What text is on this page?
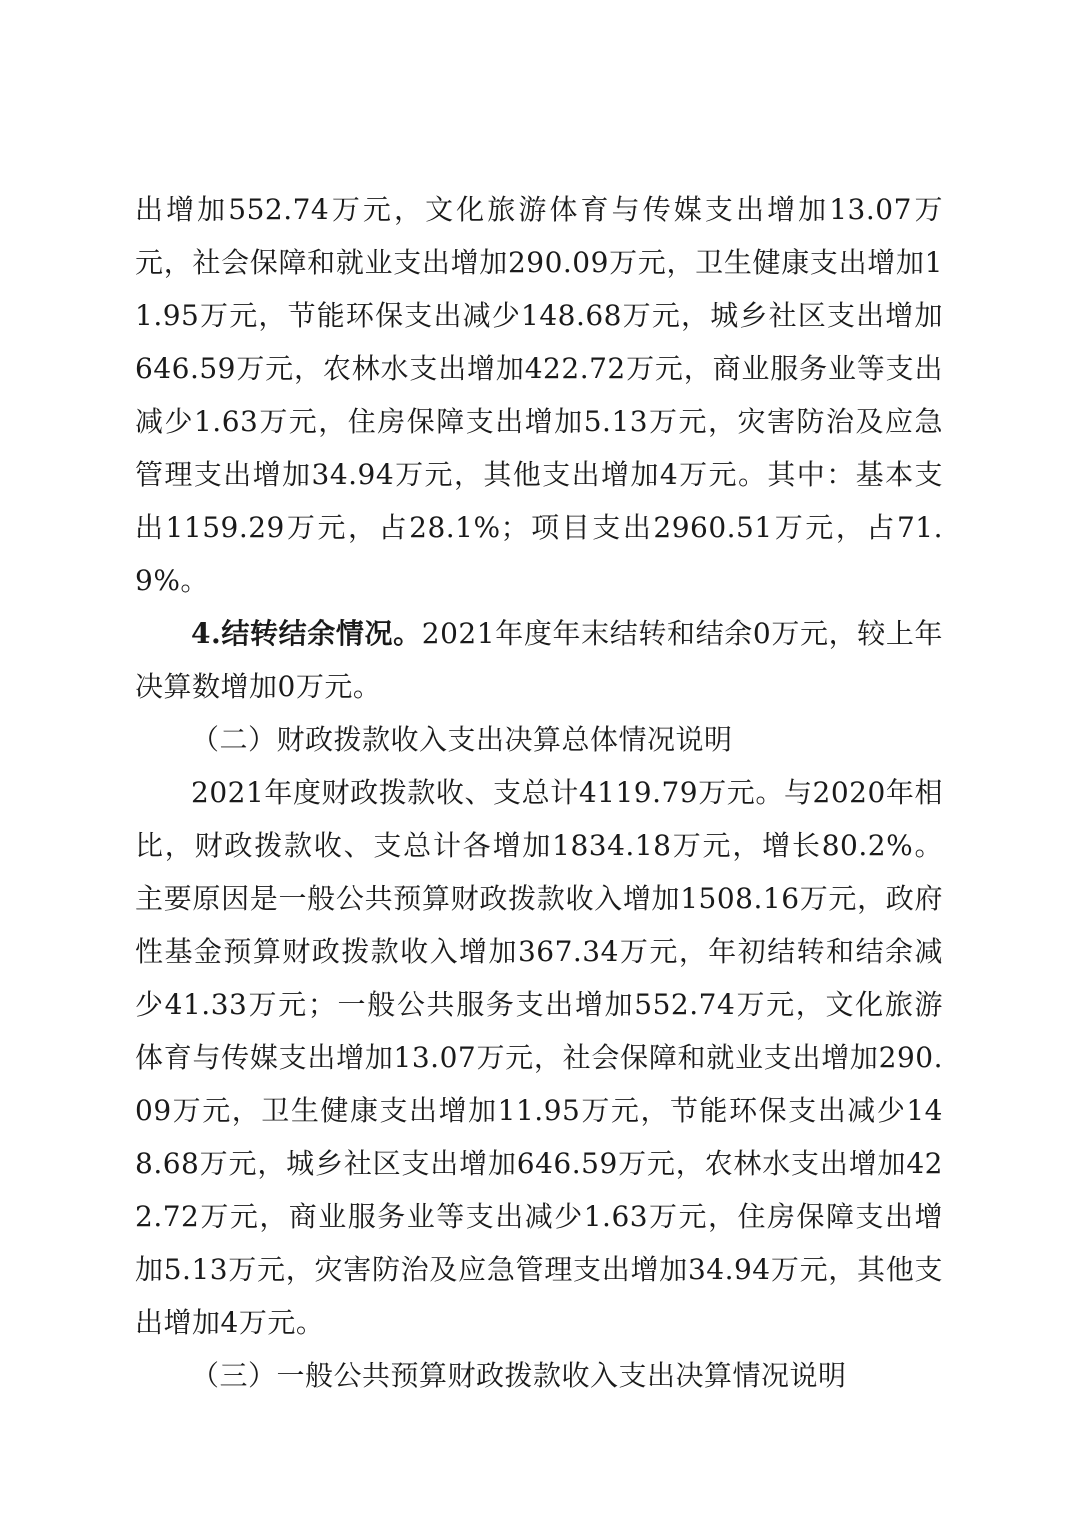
出增加552.74万元，文化旅游体育与传媒支出增加13.07万元，社会保障和就业支出增加290.09万元，卫生健康支出增加11.95万元，节能环保支出减少148.68万元，城乡社区支出增加646.59万元，农林水支出增加422.72万元，商业服务业等支出减少1.63万元，住房保障支出增加5.13万元，灾害防治及应急管理支出增加34.94万元，其他支出增加4万元。其中：基本支出1159.29万元，占28.1%；项目支出2960.51万元，占71.9%。

4.结转结余情况。2021年度年末结转和结余0万元，较上年决算数增加0万元。

（二）财政拨款收入支出决算总体情况说明

2021年度财政拨款收、支总计4119.79万元。与2020年相比，财政拨款收、支总计各增加1834.18万元，增长80.2%。主要原因是一般公共预算财政拨款收入增加1508.16万元，政府性基金预算财政拨款收入增加367.34万元，年初结转和结余减少41.33万元；一般公共服务支出增加552.74万元，文化旅游体育与传媒支出增加13.07万元，社会保障和就业支出增加290.09万元，卫生健康支出增加11.95万元，节能环保支出减少148.68万元，城乡社区支出增加646.59万元，农林水支出增加422.72万元，商业服务业等支出减少1.63万元，住房保障支出增加5.13万元，灾害防治及应急管理支出增加34.94万元，其他支出增加4万元。

（三）一般公共预算财政拨款收入支出决算情况说明
